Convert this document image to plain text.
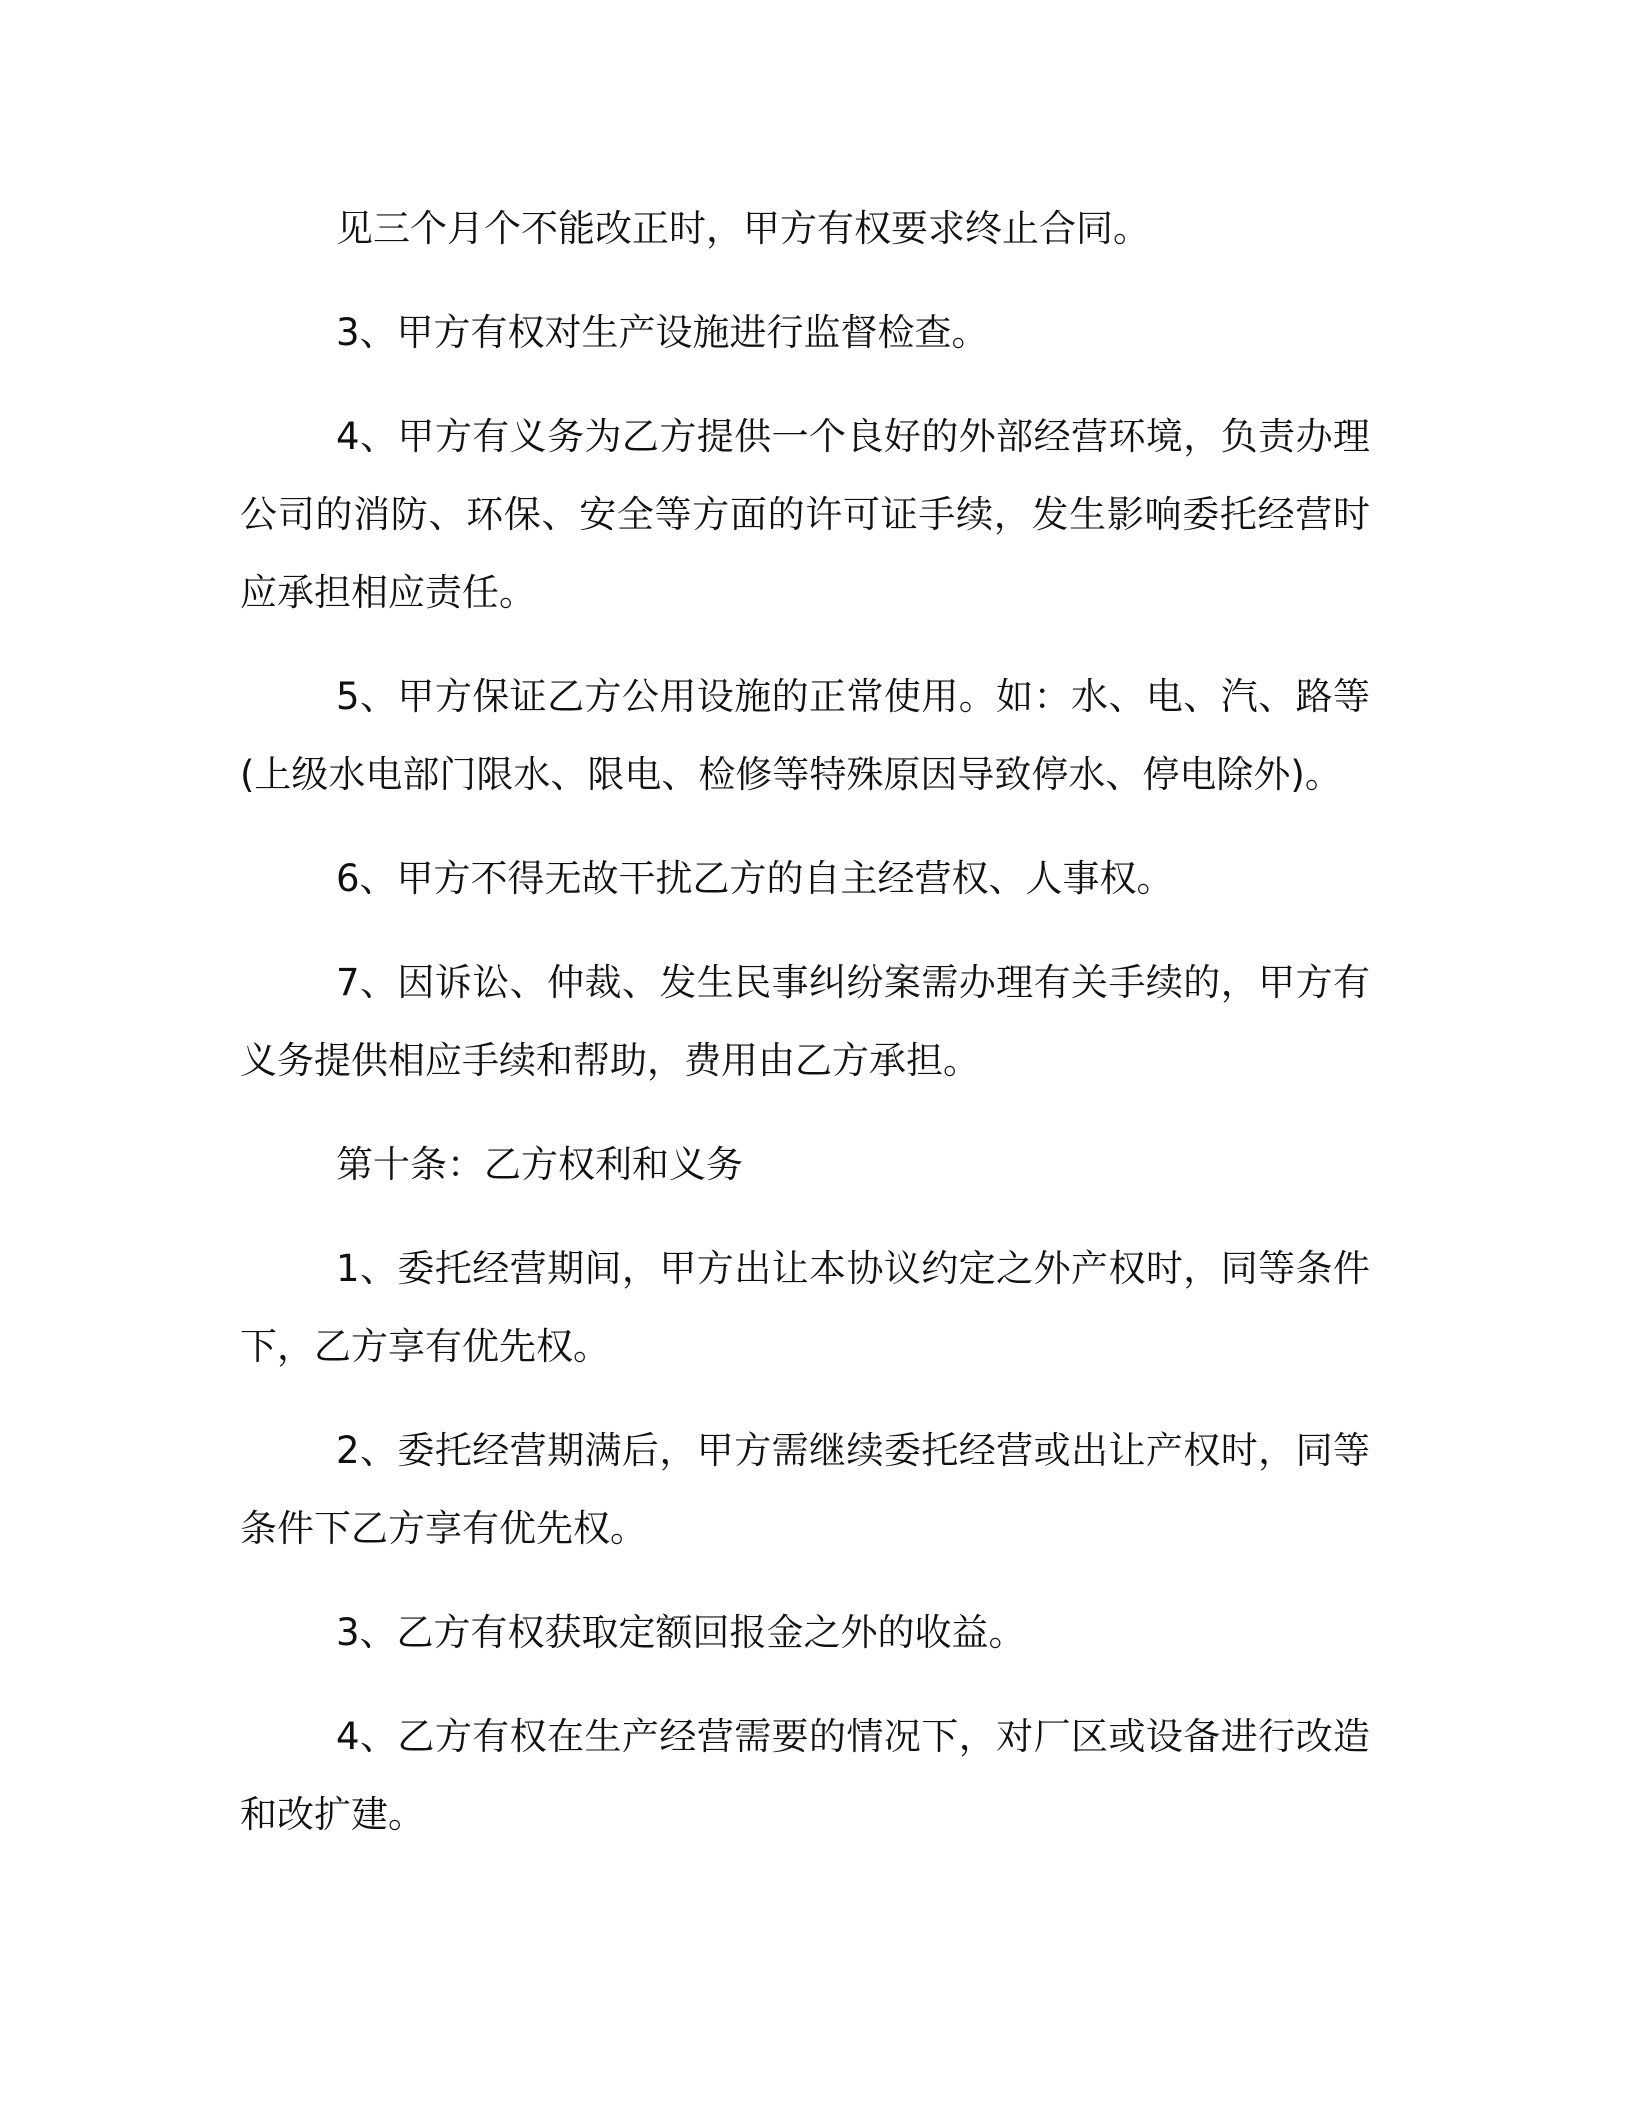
见三个月个不能改正时，甲方有权要求终止合同。

3、甲方有权对生产设施进行监督检查。

4、甲方有义务为乙方提供一个良好的外部经营环境，负责办理公司的消防、环保、安全等方面的许可证手续，发生影响委托经营时应承担相应责任。

5、甲方保证乙方公用设施的正常使用。如：水、电、汽、路等(上级水电部门限水、限电、检修等特殊原因导致停水、停电除外)。

6、甲方不得无故干扰乙方的自主经营权、人事权。

7、因诉讼、仲裁、发生民事纠纷案需办理有关手续的，甲方有义务提供相应手续和帮助，费用由乙方承担。

第十条：乙方权利和义务

1、委托经营期间，甲方出让本协议约定之外产权时，同等条件下，乙方享有优先权。

2、委托经营期满后，甲方需继续委托经营或出让产权时，同等条件下乙方享有优先权。

3、乙方有权获取定额回报金之外的收益。

4、乙方有权在生产经营需要的情况下，对厂区或设备进行改造和改扩建。
